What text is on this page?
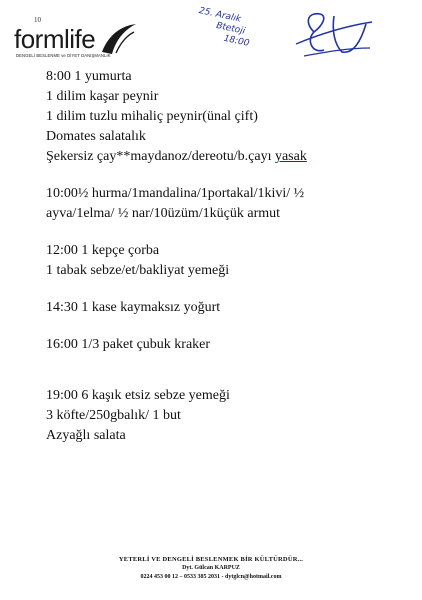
10
formlife
DENGELİ BESLENME ve DİYET DANIŞMANLIK
25. Aralık
Btetoji
18:00
8:00 1 yumurta
1 dilim kaşar peynir
1 dilim tuzlu mihaliç peynir(ünal çift)
Domates salatalık
Şekersiz çay**maydanoz/dereotu/b.çayı yasak
10:00½ hurma/1mandalina/1portakal/1kivi/ ½
ayva/1elma/ ½ nar/10üzüm/1küçük armut
12:00 1 kepçe çorba
1 tabak sebze/et/bakliyat yemeği
14:30 1 kase kaymaksız yoğurt
16:00 1/3 paket çubuk kraker
19:00 6 kaşık etsiz sebze yemeği
3 köfte/250gbalık/ 1 but
Azyağlı salata
YETERLİ VE DENGELİ BESLENMEK BİR KÜLTÜRDÜR...
Dyt. Gülcan KARPUZ
0224 453 00 12 – 0533 385 2031 - dytglcn@hotmail.com
